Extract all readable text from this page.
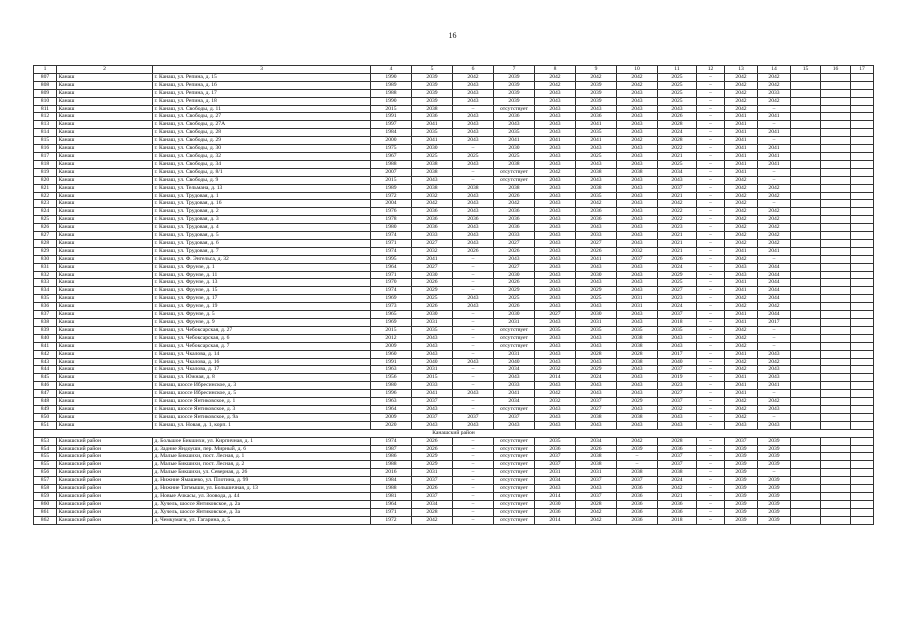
16
1	2	3	4	5	6	7	8	9	10	11	12	13	14	15	16	17
807	Канаш	г. Канаш, ул. Репина, д. 15	1990	2039	2042	2039	2042	2042	2042	2025	–	2042	2042			
808	Канаш	г. Канаш, ул. Репина, д. 16	1989	2039	2043	2039	2042	2039	2042	2025	–	2042	2042			
809	Канаш	г. Канаш, ул. Репина, д. 17	1988	2039	2043	2039	2043	2039	2043	2025	–	2042	2033			
810	Канаш	г. Канаш, ул. Репина, д. 18	1990	2039	2043	2039	2043	2039	2043	2025	–	2042	2042			
811	Канаш	г. Канаш, ул. Свободы, д. 11	2015	2038	–	отсутствует	2043	2043	2043	2043	–	2042	–			
812	Канаш	г. Канаш, ул. Свободы, д. 27	1991	2036	2043	2036	2043	2036	2043	2026	–	2041	2041			
813	Канаш	г. Канаш, ул. Свободы, д. 27А	1997	2041	2043	2043	2043	2041	2043	2028	–	2041	–			
814	Канаш	г. Канаш, ул. Свободы, д. 28	1984	2035	2043	2035	2043	2035	2043	2024	–	2041	2041			
815	Канаш	г. Канаш, ул. Свободы, д. 29	2000	2041	2043	2041	2041	2041	2042	2028	–	2041	–			
816	Канаш	г. Канаш, ул. Свободы, д. 30	1975	2030	–	2030	2043	2043	2043	2022	–	2041	2041			
817	Канаш	г. Канаш, ул. Свободы, д. 32	1967	2025	2025	2025	2043	2025	2043	2021	–	2041	2041			
818	Канаш	г. Канаш, ул. Свободы, д. 34	1988	2038	2043	2038	2043	2043	2043	2025	–	2041	2041			
819	Канаш	г. Канаш, ул. Свободы, д. 8/1	2007	2038	–	отсутствует	2042	2038	2038	2034	–	2041	–			
820	Канаш	г. Канаш, ул. Свободы, д. 9	2015	2043	–	отсутствует	2043	2043	2043	2043	–	2042	–			
821	Канаш	г. Канаш, ул. Тельмана, д. 13	1989	2038	2038	2038	2043	2038	2043	2037	–	2042	2042			
822	Канаш	г. Канаш, ул. Трудовая, д. 1	1972	2032	2043	2026	2043	2035	2043	2021	–	2042	2042			
823	Канаш	г. Канаш, ул. Трудовая, д. 16	2004	2042	2043	2042	2043	2042	2043	2042	–	2042	–			
824	Канаш	г. Канаш, ул. Трудовая, д. 2	1976	2036	2043	2036	2043	2036	2043	2022	–	2042	2042			
825	Канаш	г. Канаш, ул. Трудовая, д. 3	1978	2036	2036	2036	2043	2036	2043	2022	–	2042	2042			
826	Канаш	г. Канаш, ул. Трудовая, д. 4	1980	2036	2043	2036	2043	2043	2043	2023	–	2042	2042			
827	Канаш	г. Канаш, ул. Трудовая, д. 5	1974	2033	2043	2033	2043	2033	2043	2021	–	2042	2042			
828	Канаш	г. Канаш, ул. Трудовая, д. 6	1971	2027	2043	2027	2043	2027	2043	2021	–	2042	2042			
829	Канаш	г. Канаш, ул. Трудовая, д. 7	1974	2032	2026	2026	2043	2026	2032	2021	–	2041	2041			
830	Канаш	г. Канаш, ул. Ф. Энгельса, д. 32	1995	2041	–	2043	2043	2041	2037	2026	–	2042	–			
831	Канаш	г. Канаш, ул. Фрунзе, д. 1	1964	2027	–	2027	2043	2043	2043	2024	–	2043	2044			
832	Канаш	г. Канаш, ул. Фрунзе, д. 11	1971	2030	–	2030	2043	2030	2043	2029	–	2043	2044			
833	Канаш	г. Канаш, ул. Фрунзе, д. 13	1970	2026	–	2026	2043	2043	2043	2025	–	2041	2044			
834	Канаш	г. Канаш, ул. Фрунзе, д. 15	1974	2029	–	2029	2043	2029	2043	2027	–	2041	2044			
835	Канаш	г. Канаш, ул. Фрунзе, д. 17	1969	2025	2043	2025	2043	2025	2031	2023	–	2042	2044			
836	Канаш	г. Канаш, ул. Фрунзе, д. 19	1973	2026	2043	2026	2043	2043	2031	2024	–	2042	2042			
837	Канаш	г. Канаш, ул. Фрунзе, д. 5	1965	2030	–	2030	2027	2030	2043	2037	–	2041	2044			
838	Канаш	г. Канаш, ул. Фрунзе, д. 9	1969	2031	–	2031	2043	2031	2043	2018	–	2041	2017			
839	Канаш	г. Канаш, ул. Чебоксарская, д. 27	2015	2035	–	отсутствует	2035	2035	2035	2035	–	2042	–			
840	Канаш	г. Канаш, ул. Чебоксарская, д. 6	2012	2043	–	отсутствует	2043	2043	2038	2043	–	2042	–			
841	Канаш	г. Канаш, ул. Чебоксарская, д. 7	2009	2043	–	отсутствует	2043	2043	2038	2043	–	2042	–			
842	Канаш	г. Канаш, ул. Чкалова, д. 14	1960	2043	–	2031	2043	2028	2028	2017	–	2041	2043			
843	Канаш	г. Канаш, ул. Чкалова, д. 16	1991	2040	2043	2040	2043	2043	2038	2040	–	2042	2042			
844	Канаш	г. Канаш, ул. Чкалова, д. 17	1963	2031	–	2034	2032	2029	2043	2037	–	2042	2043			
845	Канаш	г. Канаш, ул. Южная, д. 8	1956	2015	–	2043	2014	2024	2043	2019	–	2041	2043			
846	Канаш	г. Канаш, шоссе Ибресинское, д. 3	1980	2033	–	2033	2043	2043	2043	2023	–	2041	2041			
847	Канаш	г. Канаш, шоссе Ибресинское, д. 5	1996	2041	2043	2041	2042	2043	2043	2027	–	2041	–			
848	Канаш	г. Канаш, шоссе Янтиковское, д. 1	1963	2037	–	2034	2032	2037	2029	2037	–	2042	2042			
849	Канаш	г. Канаш, шоссе Янтиковское, д. 3	1964	2043	–	отсутствует	2043	2027	2043	2032	–	2042	2043			
850	Канаш	г. Канаш, шоссе Янтиковское, д. 9а	2009	2037	2037	2037	2043	2038	2038	2043	–	2042	–			
851	Канаш	г. Канаш, ул. Новая, д. 1, корп. 1	2020	2043	2043	2043	2043	2043	2043	2043	–	2043	2043			
Канашский район																
853	Канашский район	д. Большое Бикшихи, ул. Кирпичная, д. 1	1974	2026	–	отсутствует	2035	2034	2042	2028	–	2037	2039			
854	Канашский район	д. Задние Яндоуши, пер. Мирный, д. 6	1987	2026	–	отсутствует	2036	2026	2039	2036	–	2039	2039			
855	Канашский район	д. Малые Бикшихи, пост. Лесная, д. 1	1986	2029	–	отсутствует	2037	2038	–	2037	–	2039	2039			
855	Канашский район	д. Малые Бикшихи, пост. Лесная, д. 2	1988	2029	–	отсутствует	2037	2038	–	2037	–	2039	2039			
856	Канашский район	д. Малые Бикшихи, ул. Северная, д. 26	2016	2031	–	отсутствует	2031	2031	2038	2038	–	2039	–			
857	Канашский район	д. Нижние Ямашево, ул. Плотина, д. 99	1984	2037	–	отсутствует	2034	2037	2037	2024	–	2039	2039			
858	Канашский район	д. Нижние Татмыши, ул. Большичная, д. 13	1988	2026	–	отсутствует	2043	2043	2036	2042	–	2039	2039			
859	Канашский район	д. Новые Ачкасы, ул. Зоовода, д. 44	1981	2037	–	отсутствует	2014	2037	2036	2021	–	2039	2039			
860	Канашский район	д. Хучель, шоссе Янтиковское, д. 2а	1964	2034	–	отсутствует	2030	2028	2036	2036	–	2039	2039			
861	Канашский район	д. Хучель, шоссе Янтиковское, д. 3а	1971	2028	–	отсутствует	2036	2042	2036	2036	–	2039	2039			
862	Канашский район	д. Чемкумаги, ул. Гагарина, д. 5	1972	2042	–	отсутствует	2014	2042	2036	2018	–	2039	2039			
